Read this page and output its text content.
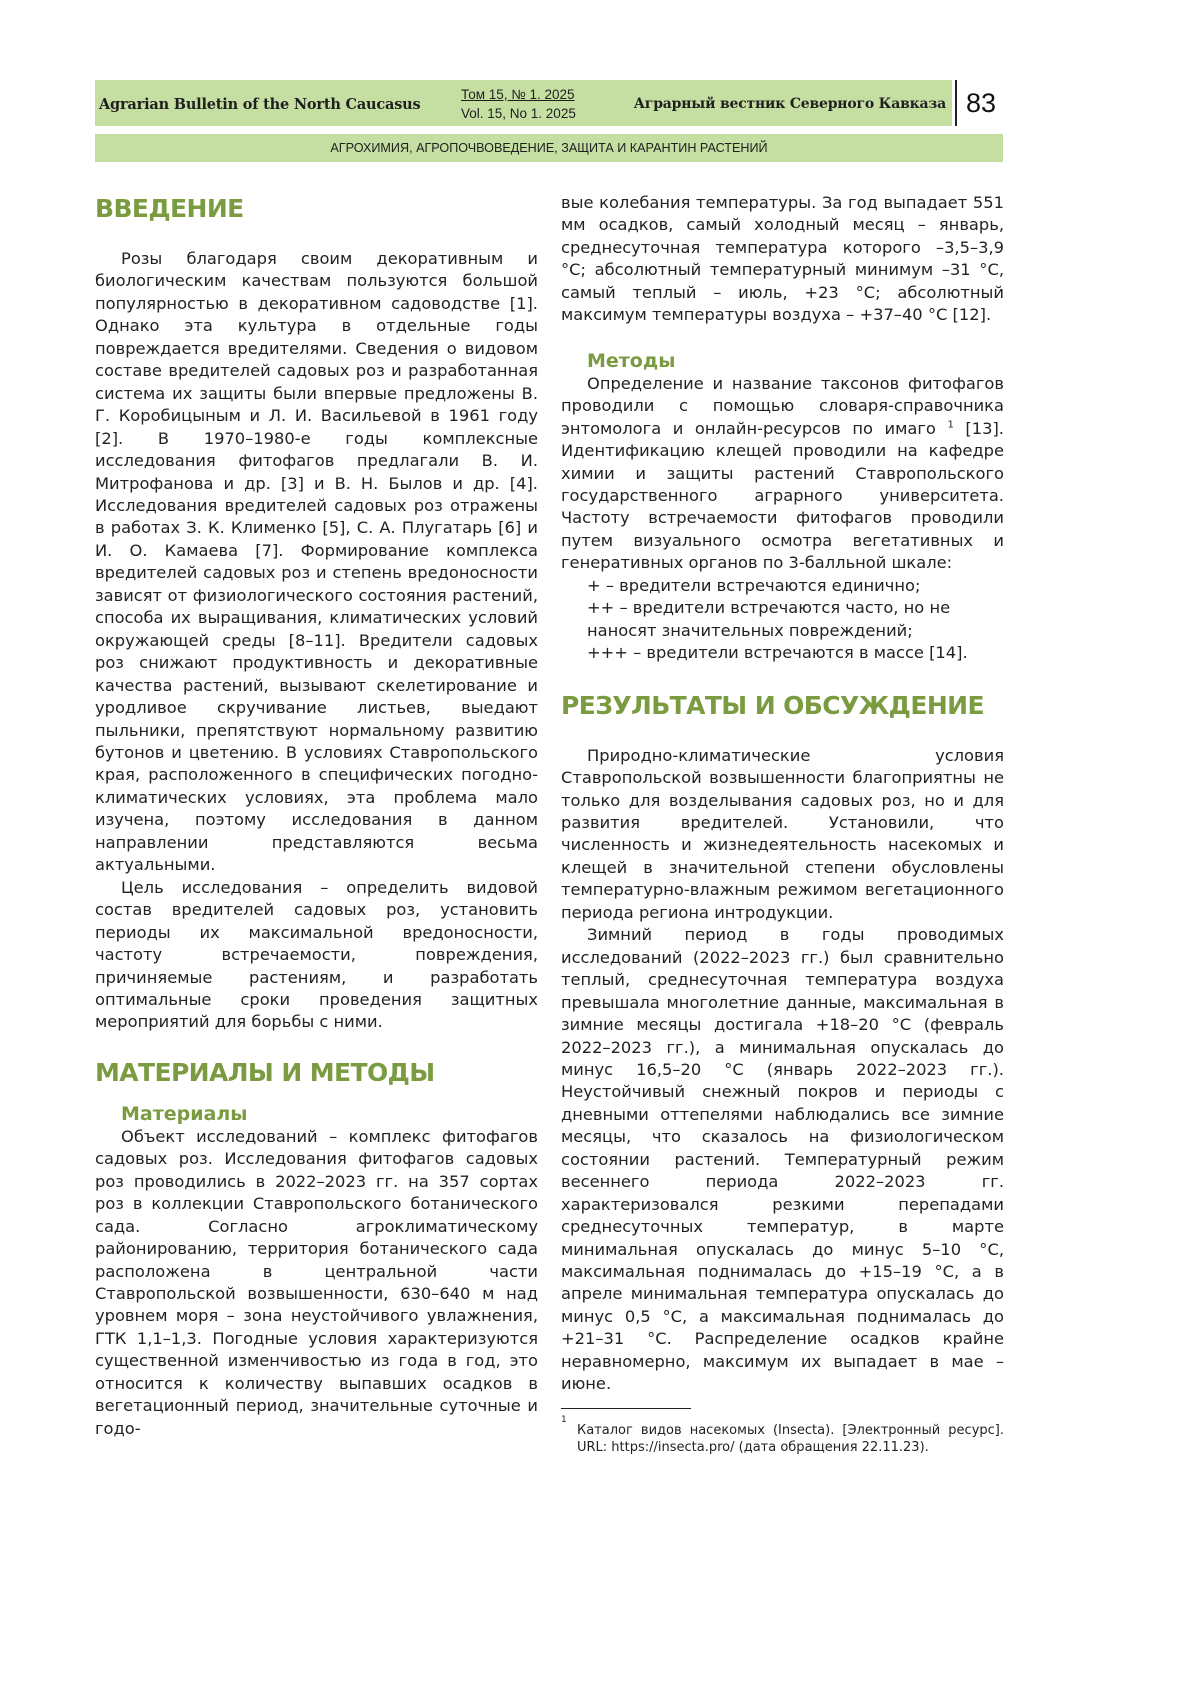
Agrarian Bulletin of the North Caucasus
Том 15, № 1. 2025
Vol. 15, No 1. 2025
Аграрный вестник Северного Кавказа 83
АГРОХИМИЯ, АГРОПОЧВОВЕДЕНИЕ, ЗАЩИТА И КАРАНТИН РАСТЕНИЙ
ВВЕДЕНИЕ

Розы благодаря своим декоративным и биологическим качествам пользуются большой популярностью в декоративном садоводстве [1]. Однако эта культура в отдельные годы повреждается вредителями. Сведения о видовом составе вредителей садовых роз и разработанная система их защиты были впервые предложены В. Г. Коробицыным и Л. И. Васильевой в 1961 году [2]. В 1970–1980-е годы комплексные исследования фитофагов предлагали В. И. Митрофанова и др. [3] и В. Н. Былов и др. [4]. Исследования вредителей садовых роз отражены в работах З. К. Клименко [5], С. А. Плугатарь [6] и И. О. Камаева [7]. Формирование комплекса вредителей садовых роз и степень вредоносности зависят от физиологического состояния растений, способа их выращивания, климатических условий окружающей среды [8–11]. Вредители садовых роз снижают продуктивность и декоративные качества растений, вызывают скелетирование и уродливое скручивание листьев, выедают пыльники, препятствуют нормальному развитию бутонов и цветению. В условиях Ставропольского края, расположенного в специфических погодно-климатических условиях, эта проблема мало изучена, поэтому исследования в данном направлении представляются весьма актуальными.

Цель исследования – определить видовой состав вредителей садовых роз, установить периоды их максимальной вредоносности, частоту встречаемости, повреждения, причиняемые растениям, и разработать оптимальные сроки проведения защитных мероприятий для борьбы с ними.

МАТЕРИАЛЫ И МЕТОДЫ
Материалы

Объект исследований – комплекс фитофагов садовых роз. Исследования фитофагов садовых роз проводились в 2022–2023 гг. на 357 сортах роз в коллекции Ставропольского ботанического сада. Согласно агроклиматическому районированию, территория ботанического сада расположена в центральной части Ставропольской возвышенности, 630–640 м над уровнем моря – зона неустойчивого увлажнения, ГТК 1,1–1,3. Погодные условия характеризуются существенной изменчивостью из года в год, это относится к количеству выпавших осадков в вегетационный период, значительные суточные и годо-

вые колебания температуры. За год выпадает 551 мм осадков, самый холодный месяц – январь, среднесуточная температура которого –3,5–3,9 °С; абсолютный температурный минимум –31 °С, самый теплый – июль, +23 °С; абсолютный максимум температуры воздуха – +37–40 °С [12].

Методы

Определение и название таксонов фитофагов проводили с помощью словаря-справочника энтомолога и онлайн-ресурсов по имаго $^1$ [13]. Идентификацию клещей проводили на кафедре химии и защиты растений Ставропольского государственного аграрного университета. Частоту встречаемости фитофагов проводили путем визуального осмотра вегетативных и генеративных органов по 3-балльной шкале:

+ – вредители встречаются единично;

++ – вредители встречаются часто, но не наносят значительных повреждений;

+++ – вредители встречаются в массе [14].

РЕЗУЛЬТАТЫ И ОБСУЖДЕНИЕ

Природно-климатические условия Ставропольской возвышенности благоприятны не только для возделывания садовых роз, но и для развития вредителей. Установили, что численность и жизнедеятельность насекомых и клещей в значительной степени обусловлены температурно-влажным режимом вегетационного периода региона интродукции.

Зимний период в годы проводимых исследований (2022–2023 гг.) был сравнительно теплый, среднесуточная температура воздуха превышала многолетние данные, максимальная в зимние месяцы достигала +18–20 °С (февраль 2022–2023 гг.), а минимальная опускалась до минус 16,5–20 °С (январь 2022–2023 гг.). Неустойчивый снежный покров и периоды с дневными оттепелями наблюдались все зимние месяцы, что сказалось на физиологическом состоянии растений. Температурный режим весеннего периода 2022–2023 гг. характеризовался резкими перепадами среднесуточных температур, в марте минимальная опускалась до минус 5–10 °С, максимальная поднималась до +15–19 °С, а в апреле минимальная температура опускалась до минус 0,5 °С, а максимальная поднималась до +21–31 °С. Распределение осадков крайне неравномерно, максимум их выпадает в мае – июне.

1
Каталог видов насекомых (Insecta). [Электронный ресурс]. URL: https://insecta.pro/ (дата обращения 22.11.23).
